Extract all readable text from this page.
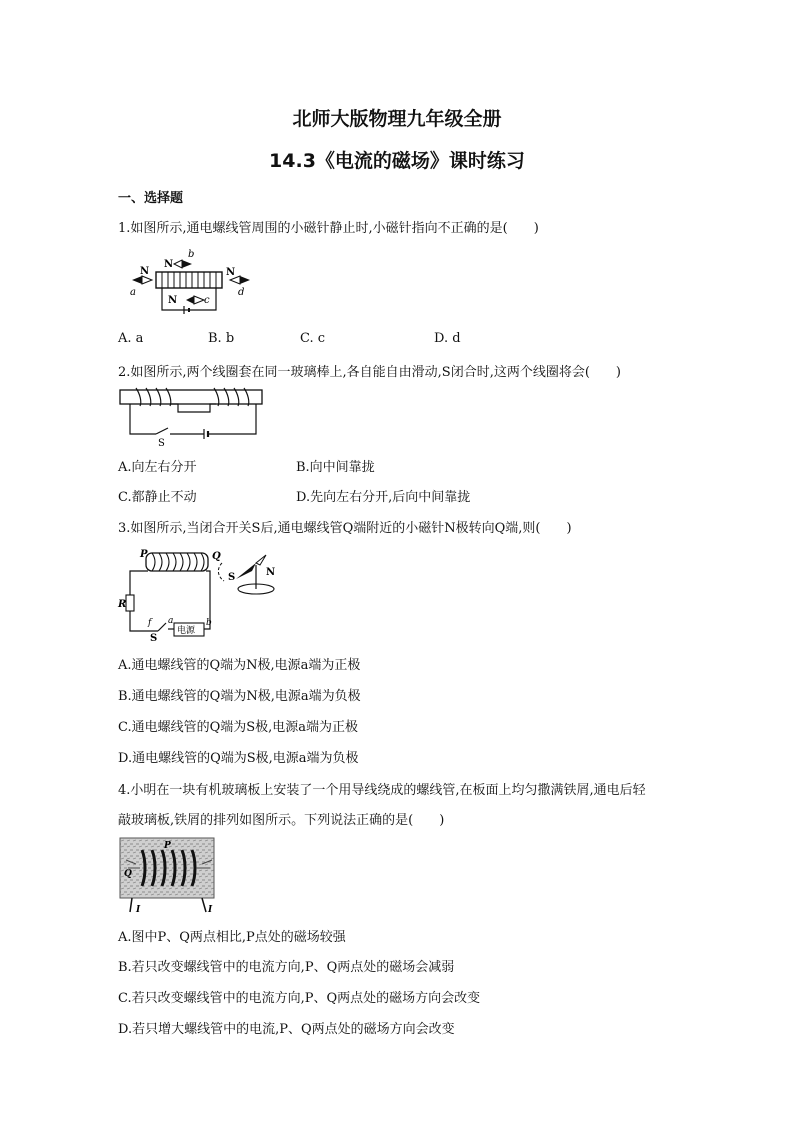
北师大版物理九年级全册
14.3《电流的磁场》课时练习
一、选择题
1.如图所示,通电螺线管周围的小磁针静止时,小磁针指向不正确的是(　　)
N
N
b
N
a	d
N	c
A. a	B. b	C. c	D. d
2.如图所示,两个线圈套在同一玻璃棒上,各自能自由滑动,S闭合时,这两个线圈将会(　　)
S
A.向左右分开	B.向中间靠拢
C.都静止不动	D.先向左右分开,后向中间靠拢
3.如图所示,当闭合开关S后,通电螺线管Q端附近的小磁针N极转向Q端,则(　　)
P	Q
S	N
R
f a
电源
b
S
A.通电螺线管的Q端为N极,电源a端为正极
B.通电螺线管的Q端为N极,电源a端为负极
C.通电螺线管的Q端为S极,电源a端为正极
D.通电螺线管的Q端为S极,电源a端为负极
4.小明在一块有机玻璃板上安装了一个用导线绕成的螺线管,在板面上均匀撒满铁屑,通电后轻
敲玻璃板,铁屑的排列如图所示。下列说法正确的是(　　)
P
Q
I	I
A.图中P、Q两点相比,P点处的磁场较强
B.若只改变螺线管中的电流方向,P、Q两点处的磁场会减弱
C.若只改变螺线管中的电流方向,P、Q两点处的磁场方向会改变
D.若只增大螺线管中的电流,P、Q两点处的磁场方向会改变
